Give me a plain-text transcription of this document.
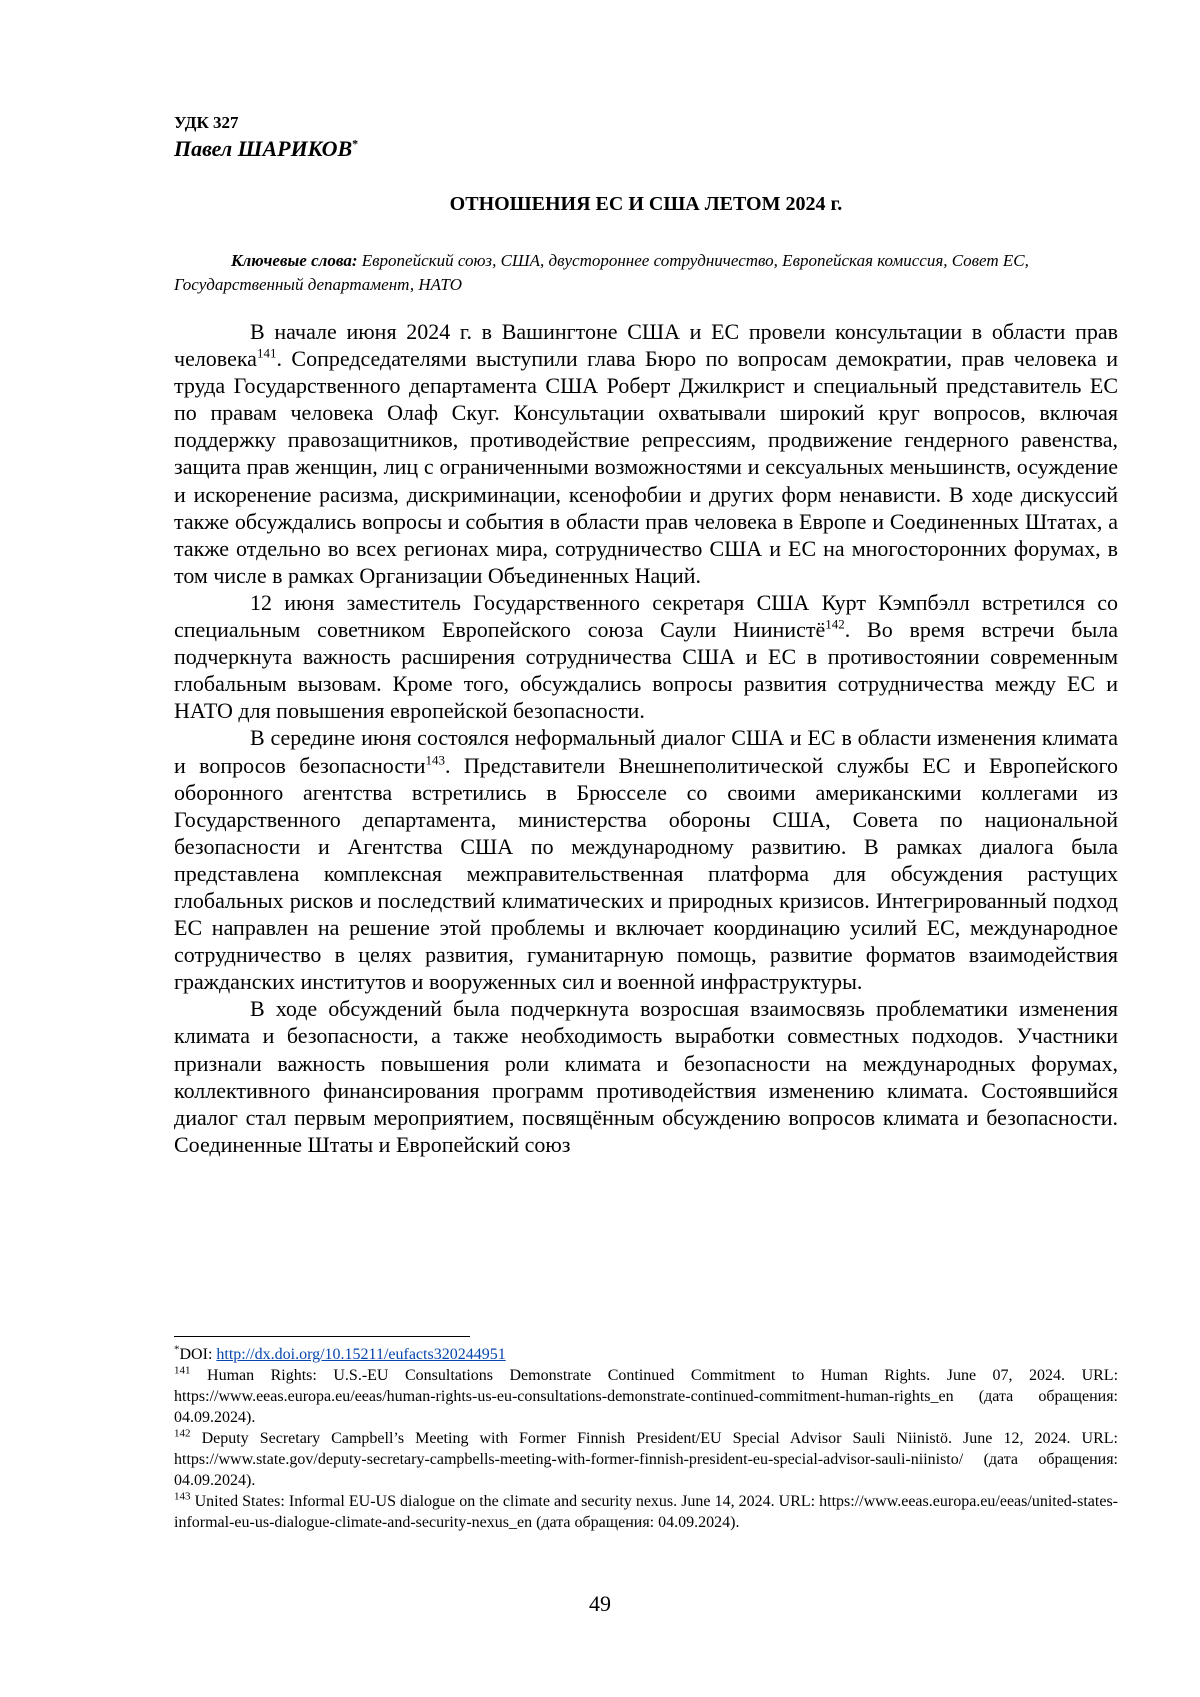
УДК 327
Павел ШАРИКОВ*
ОТНОШЕНИЯ ЕС И США ЛЕТОМ 2024 г.
Ключевые слова: Европейский союз, США, двустороннее сотрудничество, Европейская комиссия, Совет ЕС, Государственный департамент, НАТО

В начале июня 2024 г. в Вашингтоне США и ЕС провели консультации в области прав человека$^{141}$. Сопредседателями выступили глава Бюро по вопросам демократии, прав человека и труда Государственного департамента США Роберт Джилкрист и специальный представитель ЕС по правам человека Олаф Скуг. Консультации охватывали широкий круг вопросов, включая поддержку правозащитников, противодействие репрессиям, продвижение гендерного равенства, защита прав женщин, лиц с ограниченными возможностями и сексуальных меньшинств, осуждение и искоренение расизма, дискриминации, ксенофобии и других форм ненависти. В ходе дискуссий также обсуждались вопросы и события в области прав человека в Европе и Соединенных Штатах, а также отдельно во всех регионах мира, сотрудничество США и ЕС на многосторонних форумах, в том числе в рамках Организации Объединенных Наций.

12 июня заместитель Государственного секретаря США Курт Кэмпбэлл встретился со специальным советником Европейского союза Саули Ниинистё$^{142}$. Во время встречи была подчеркнута важность расширения сотрудничества США и ЕС в противостоянии современным глобальным вызовам. Кроме того, обсуждались вопросы развития сотрудничества между ЕС и НАТО для повышения европейской безопасности.

В середине июня состоялся неформальный диалог США и ЕС в области изменения климата и вопросов безопасности$^{143}$. Представители Внешнеполитической службы ЕС и Европейского оборонного агентства встретились в Брюсселе со своими американскими коллегами из Государственного департамента, министерства обороны США, Совета по национальной безопасности и Агентства США по международному развитию. В рамках диалога была представлена комплексная межправительственная платформа для обсуждения растущих глобальных рисков и последствий климатических и природных кризисов. Интегрированный подход ЕС направлен на решение этой проблемы и включает координацию усилий ЕС, международное сотрудничество в целях развития, гуманитарную помощь, развитие форматов взаимодействия гражданских институтов и вооруженных сил и военной инфраструктуры.

В ходе обсуждений была подчеркнута возросшая взаимосвязь проблематики изменения климата и безопасности, а также необходимость выработки совместных подходов. Участники признали важность повышения роли климата и безопасности на международных форумах, коллективного финансирования программ противодействия изменению климата. Состоявшийся диалог стал первым мероприятием, посвящённым обсуждению вопросов климата и безопасности. Соединенные Штаты и Европейский союз

*DOI: http://dx.doi.org/10.15211/eufacts320244951

$^{141}$ Human Rights: U.S.-EU Consultations Demonstrate Continued Commitment to Human Rights. June 07, 2024. URL: https://www.eeas.europa.eu/eeas/human-rights-us-eu-consultations-demonstrate-continued-commitment-human-rights_en (дата обращения: 04.09.2024).

$^{142}$ Deputy Secretary Campbell’s Meeting with Former Finnish President/EU Special Advisor Sauli Niinistö. June 12, 2024. URL: https://www.state.gov/deputy-secretary-campbells-meeting-with-former-finnish-president-eu-special-advisor-sauli-niinisto/ (дата обращения: 04.09.2024).

$^{143}$ United States: Informal EU-US dialogue on the climate and security nexus. June 14, 2024. URL: https://www.eeas.europa.eu/eeas/united-states-informal-eu-us-dialogue-climate-and-security-nexus_en (дата обращения: 04.09.2024).

49
